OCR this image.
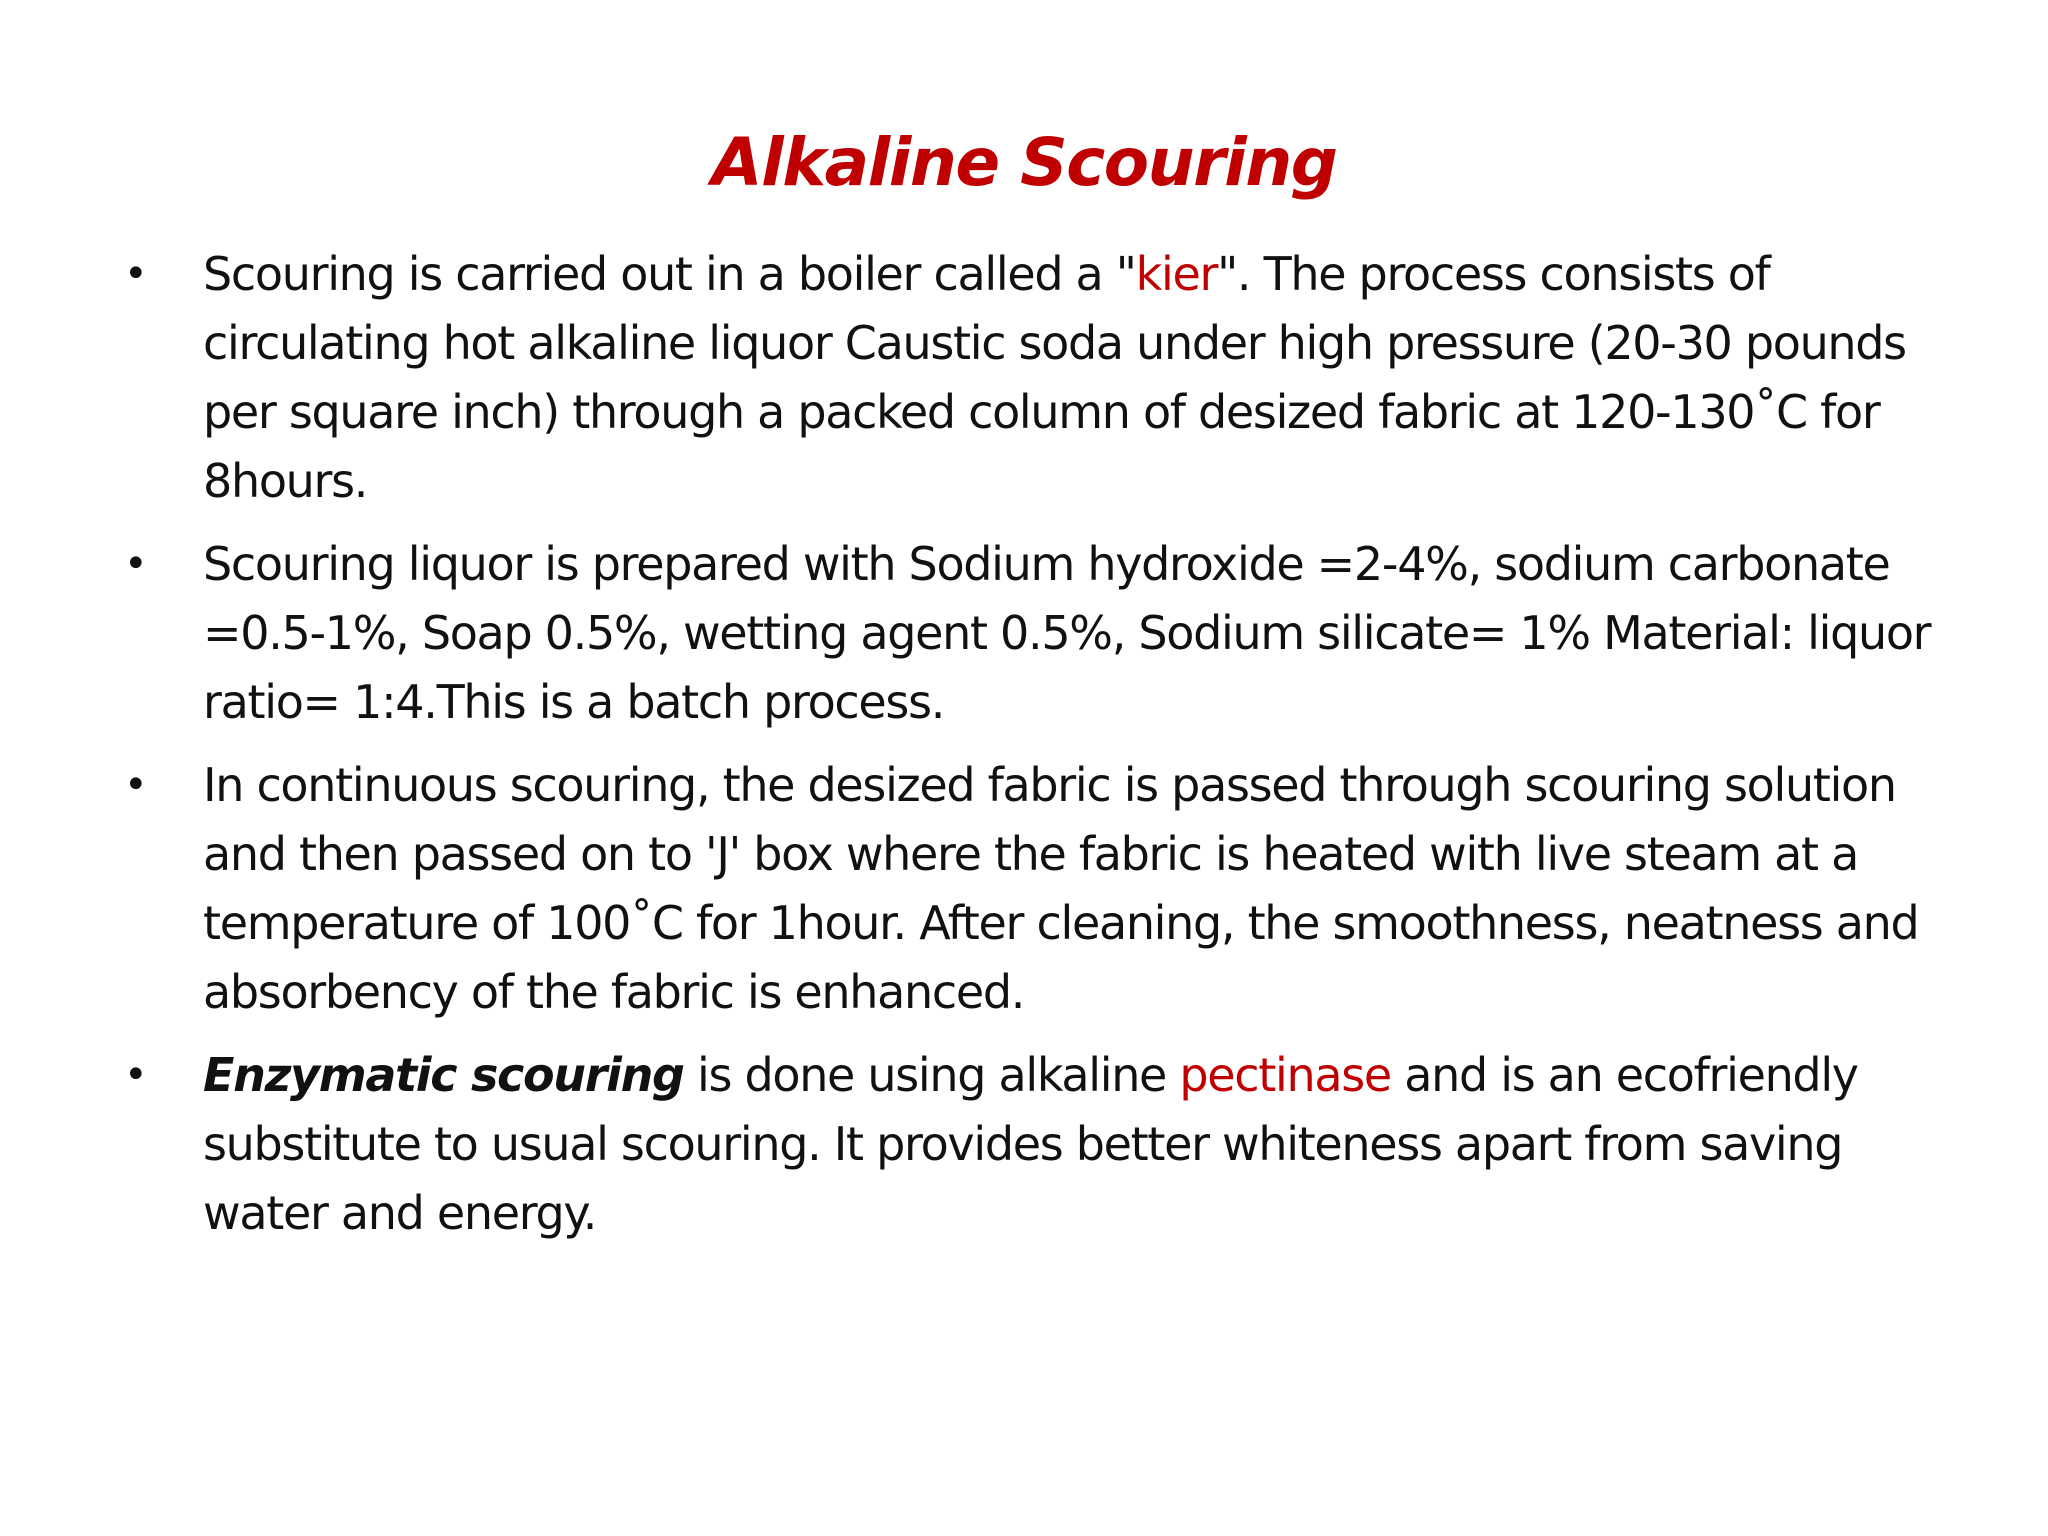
Alkaline Scouring
• Scouring is carried out in a boiler called a "kier". The process consists of circulating hot alkaline liquor Caustic soda under high pressure (20-30 pounds per square inch) through a packed column of desized fabric at 120-130˚C for 8hours.
• Scouring liquor is prepared with Sodium hydroxide =2-4%, sodium carbonate =0.5-1%, Soap 0.5%, wetting agent 0.5%, Sodium silicate= 1% Material: liquor ratio= 1:4.This is a batch process.
• In continuous scouring, the desized fabric is passed through scouring solution and then passed on to 'J' box where the fabric is heated with live steam at a temperature of 100˚C for 1hour. After cleaning, the smoothness, neatness and absorbency of the fabric is enhanced.
• Enzymatic scouring is done using alkaline pectinase and is an ecofriendly substitute to usual scouring. It provides better whiteness apart from saving water and energy.
